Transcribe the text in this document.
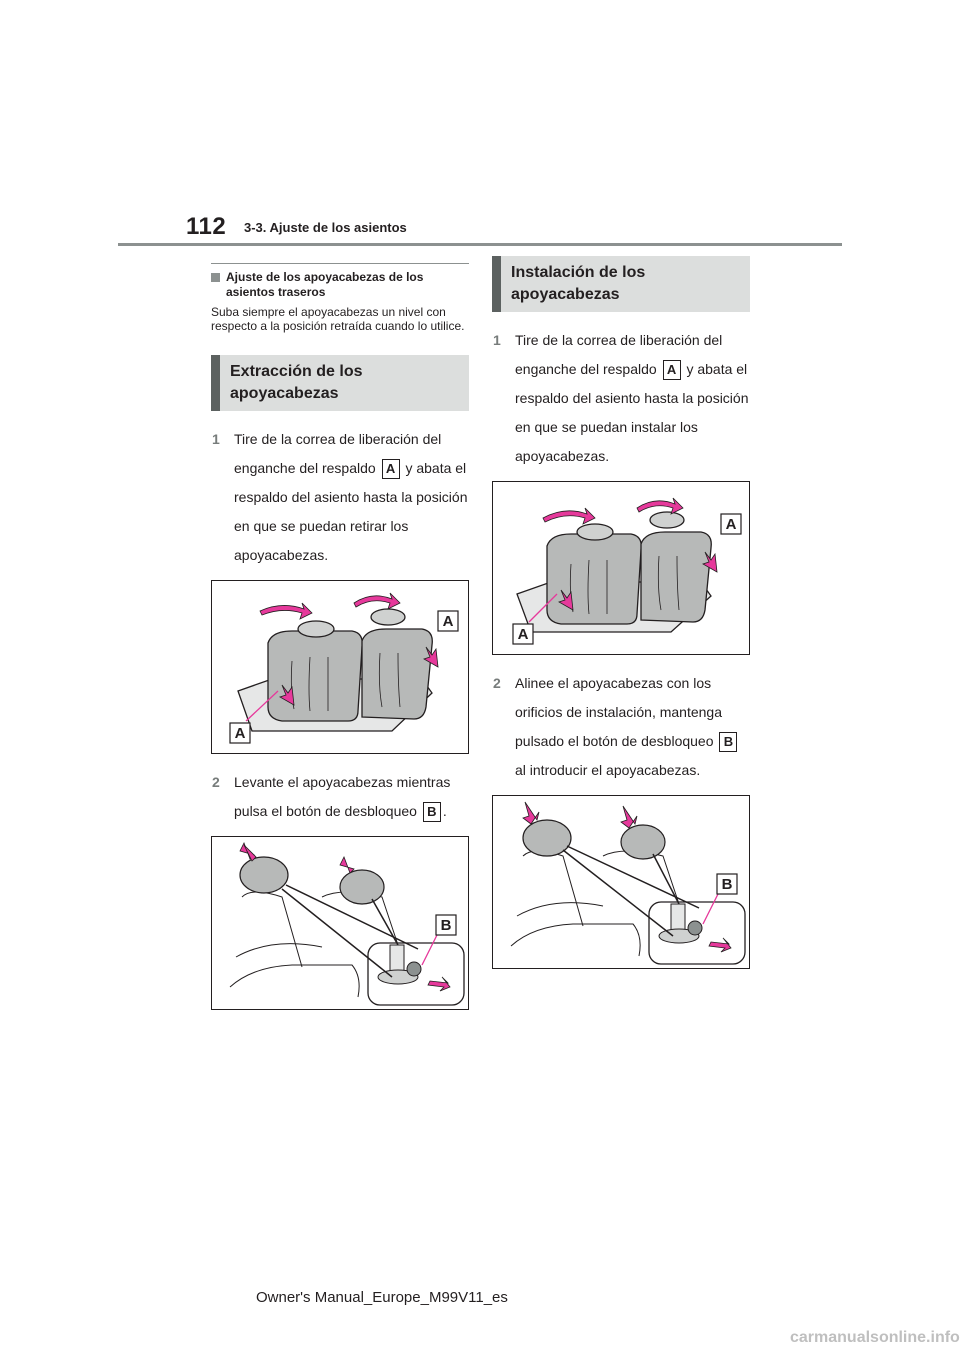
112 3-3. Ajuste de los asientos
Ajuste de los apoyacabezas de los asientos traseros
Suba siempre el apoyacabezas un nivel con respecto a la posición retraída cuando lo utilice.
Extracción de los apoyacabezas
1	Tire de la correa de liberación del enganche del respaldo A y abata el respaldo del asiento hasta la posición en que se puedan retirar los apoyacabezas.
A
A
2	Levante el apoyacabezas mientras pulsa el botón de desbloqueo B .
B
Instalación de los apoyacabezas
1	Tire de la correa de liberación del enganche del respaldo A y abata el respaldo del asiento hasta la posición en que se puedan instalar los apoyacabezas.
A
A
2	Alinee el apoyacabezas con los orificios de instalación, mantenga pulsado el botón de desbloqueo B al introducir el apoyacabezas.
B
Owner's Manual_Europe_M99V11_es
carmanualsonline.info
